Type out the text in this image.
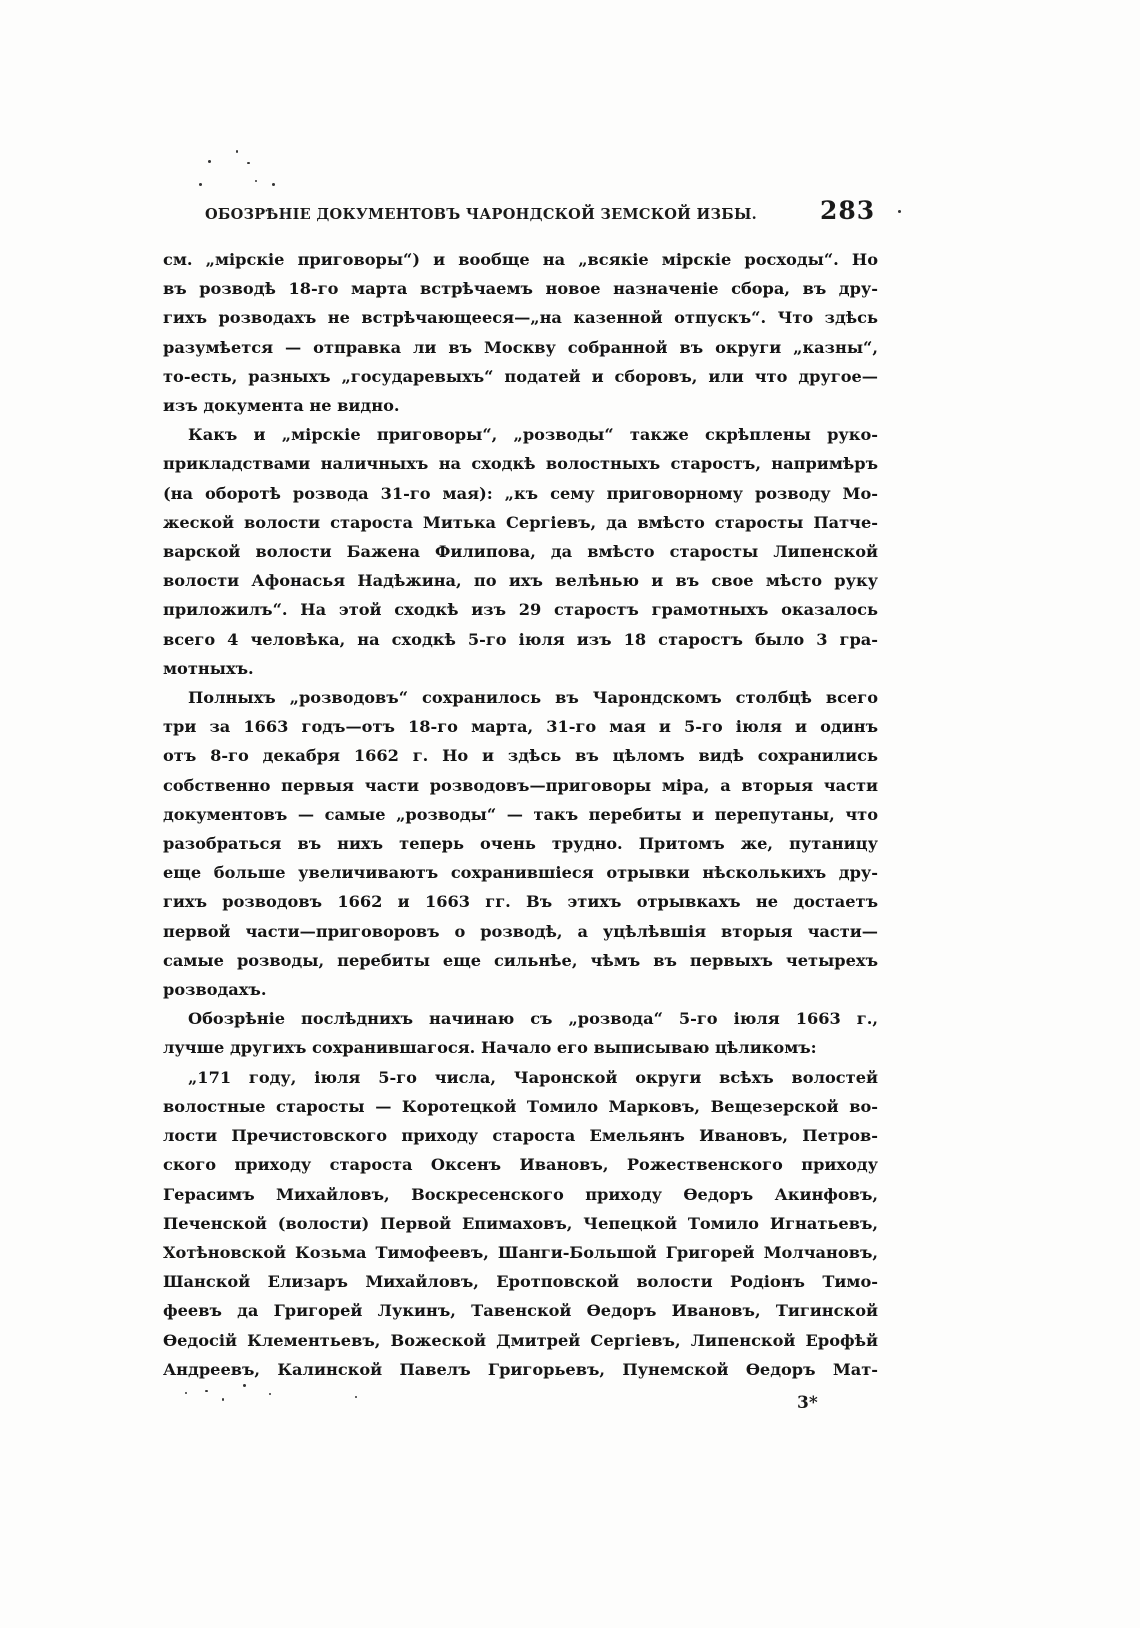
ОБОЗРѢНІЕ ДОКУМЕНТОВЪ ЧАРОНДСКОЙ ЗЕМСКОЙ ИЗБЫ.	283
см. „мірскіе приговоры“) и вообще на „всякіе мірскіе росходы“. Но
въ розводѣ 18-го марта встрѣчаемъ новое назначеніе сбора, въ дру-
гихъ розводахъ не встрѣчающееся—„на казенной отпускъ“. Что здѣсь
разумѣется — отправка ли въ Москву собранной въ округи „казны“,
то-есть, разныхъ „государевыхъ“ податей и сборовъ, или что другое—
изъ документа не видно.
Какъ и „мірскіе приговоры“, „розводы“ также скрѣплены руко-
прикладствами наличныхъ на сходкѣ волостныхъ старостъ, напримѣръ
(на оборотѣ розвода 31-го мая): „къ сему приговорному розводу Мо-
жеской волости староста Митька Сергіевъ, да вмѣсто старосты Патче-
варской волости Бажена Филипова, да вмѣсто старосты Липенской
волости Афонасья Надѣжина, по ихъ велѣнью и въ свое мѣсто руку
приложилъ“. На этой сходкѣ изъ 29 старостъ грамотныхъ оказалось
всего 4 человѣка, на сходкѣ 5-го іюля изъ 18 старостъ было 3 гра-
мотныхъ.
Полныхъ „розводовъ“ сохранилось въ Чарондскомъ столбцѣ всего
три за 1663 годъ—отъ 18-го марта, 31-го мая и 5-го іюля и одинъ
отъ 8-го декабря 1662 г. Но и здѣсь въ цѣломъ видѣ сохранились
собственно первыя части розводовъ—приговоры міра, а вторыя части
документовъ — самые „розводы“ — такъ перебиты и перепутаны, что
разобраться въ нихъ теперь очень трудно. Притомъ же, путаницу
еще больше увеличиваютъ сохранившіеся отрывки нѣсколькихъ дру-
гихъ розводовъ 1662 и 1663 гг. Въ этихъ отрывкахъ не достаетъ
первой части—приговоровъ о розводѣ, а уцѣлѣвшія вторыя части—
самые розводы, перебиты еще сильнѣе, чѣмъ въ первыхъ четырехъ
розводахъ.
Обозрѣніе послѣднихъ начинаю съ „розвода“ 5-го іюля 1663 г.,
лучше другихъ сохранившагося. Начало его выписываю цѣликомъ:
„171 году, іюля 5-го числа, Чаронской округи всѣхъ волостей
волостные старосты — Коротецкой Томило Марковъ, Вещезерской во-
лости Пречистовского приходу староста Емельянъ Ивановъ, Петров-
ского приходу староста Оксенъ Ивановъ, Рожественского приходу
Герасимъ Михайловъ, Воскресенского приходу Ѳедоръ Акинфовъ,
Печенской (волости) Первой Епимаховъ, Чепецкой Томило Игнатьевъ,
Хотѣновской Козьма Тимофеевъ, Шанги-Большой Григорей Молчановъ,
Шанской Елизаръ Михайловъ, Еротповской волости Родіонъ Тимо-
феевъ да Григорей Лукинъ, Тавенской Ѳедоръ Ивановъ, Тигинской
Ѳедосій Клементьевъ, Вожеской Дмитрей Сергіевъ, Липенской Ерофѣй
Андреевъ, Калинской Павелъ Григорьевъ, Пунемской Ѳедоръ Мат-
3*
